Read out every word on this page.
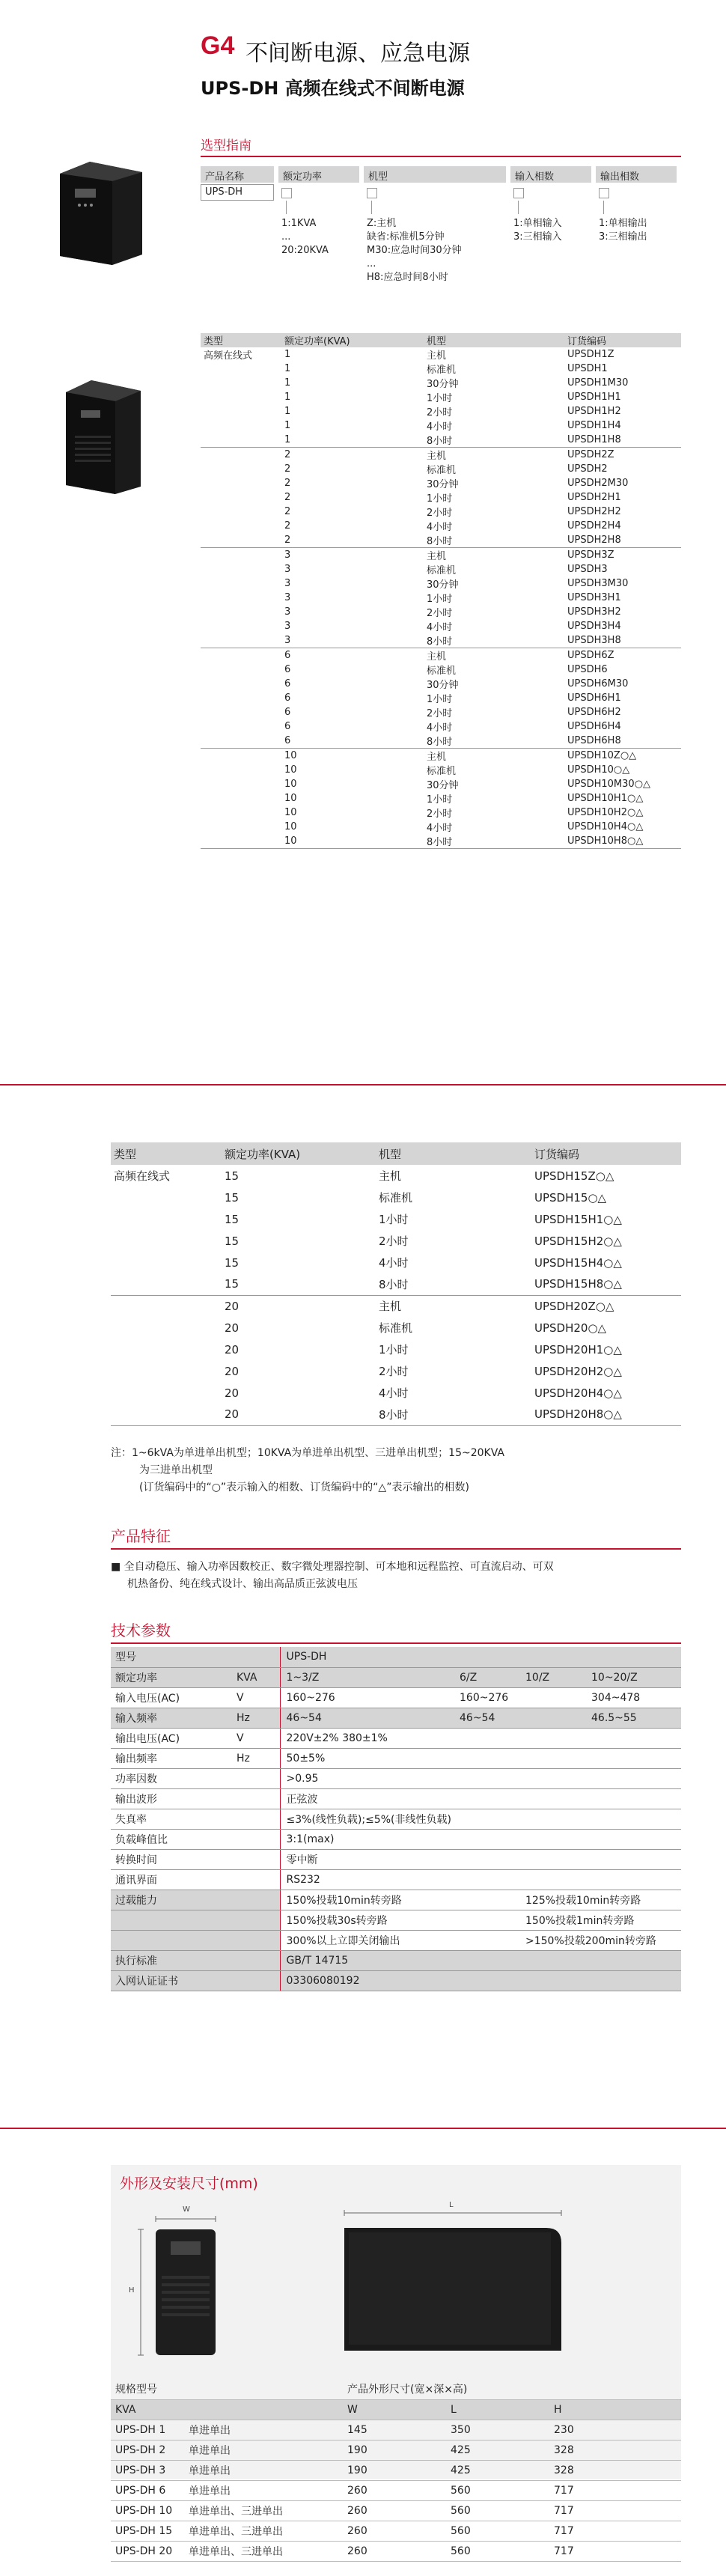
G4 不间断电源、应急电源
UPS-DH 高频在线式不间断电源
选型指南
产品名称	额定功率	机型	输入相数	输出相数
UPS-DH
1:1KVA
...
20:20KVA
Z:主机
缺省:标准机5分钟
M30:应急时间30分钟
...
H8:应急时间8小时
1:单相输入
3:三相输入
1:单相输出
3:三相输出
类型	额定功率(KVA)	机型	订货编码
高频在线式	1	主机	UPSDH1Z
	1	标准机	UPSDH1
	1	30分钟	UPSDH1M30
	1	1小时	UPSDH1H1
	1	2小时	UPSDH1H2
	1	4小时	UPSDH1H4
	1	8小时	UPSDH1H8
	2	主机	UPSDH2Z
	2	标准机	UPSDH2
	2	30分钟	UPSDH2M30
	2	1小时	UPSDH2H1
	2	2小时	UPSDH2H2
	2	4小时	UPSDH2H4
	2	8小时	UPSDH2H8
	3	主机	UPSDH3Z
	3	标准机	UPSDH3
	3	30分钟	UPSDH3M30
	3	1小时	UPSDH3H1
	3	2小时	UPSDH3H2
	3	4小时	UPSDH3H4
	3	8小时	UPSDH3H8
	6	主机	UPSDH6Z
	6	标准机	UPSDH6
	6	30分钟	UPSDH6M30
	6	1小时	UPSDH6H1
	6	2小时	UPSDH6H2
	6	4小时	UPSDH6H4
	6	8小时	UPSDH6H8
	10	主机	UPSDH10Z○△
	10	标准机	UPSDH10○△
	10	30分钟	UPSDH10M30○△
	10	1小时	UPSDH10H1○△
	10	2小时	UPSDH10H2○△
	10	4小时	UPSDH10H4○△
	10	8小时	UPSDH10H8○△
类型	额定功率(KVA)	机型	订货编码
高频在线式	15	主机	UPSDH15Z○△
	15	标准机	UPSDH15○△
	15	1小时	UPSDH15H1○△
	15	2小时	UPSDH15H2○△
	15	4小时	UPSDH15H4○△
	15	8小时	UPSDH15H8○△
	20	主机	UPSDH20Z○△
	20	标准机	UPSDH20○△
	20	1小时	UPSDH20H1○△
	20	2小时	UPSDH20H2○△
	20	4小时	UPSDH20H4○△
	20	8小时	UPSDH20H8○△
注：1~6kVA为单进单出机型；10KVA为单进单出机型、三进单出机型；15~20KVA
为三进单出机型
(订货编码中的“○”表示输入的相数、订货编码中的“△”表示输出的相数)
产品特征
■ 全自动稳压、输入功率因数校正、数字微处理器控制、可本地和远程监控、可直流启动、可双
机热备份、纯在线式设计、输出高品质正弦波电压
技术参数
型号		UPS-DH			
额定功率	KVA	1~3/Z	6/Z	10/Z	10~20/Z
输入电压(AC)	V	160~276	160~276		304~478
输入频率	Hz	46~54	46~54		46.5~55
输出电压(AC)	V	220V±2% 380±1%			
输出频率	Hz	50±5%			
功率因数		>0.95			
输出波形		正弦波			
失真率		≤3%(线性负载);≤5%(非线性负载)			
负载峰值比		3:1(max)			
转换时间		零中断			
通讯界面		RS232			
过载能力		150%投载10min转旁路		125%投载10min转旁路	
		150%投载30s转旁路		150%投载1min转旁路	
		300%以上立即关闭输出		>150%投载200min转旁路	
执行标准		GB/T 14715			
入网认证证书		03306080192			
外形及安装尺寸(mm)
W
H
L
规格型号		产品外形尺寸(宽×深×高)		
KVA		W	L	H
UPS-DH 1	单进单出	145	350	230
UPS-DH 2	单进单出	190	425	328
UPS-DH 3	单进单出	190	425	328
UPS-DH 6	单进单出	260	560	717
UPS-DH 10	单进单出、三进单出	260	560	717
UPS-DH 15	单进单出、三进单出	260	560	717
UPS-DH 20	单进单出、三进单出	260	560	717
